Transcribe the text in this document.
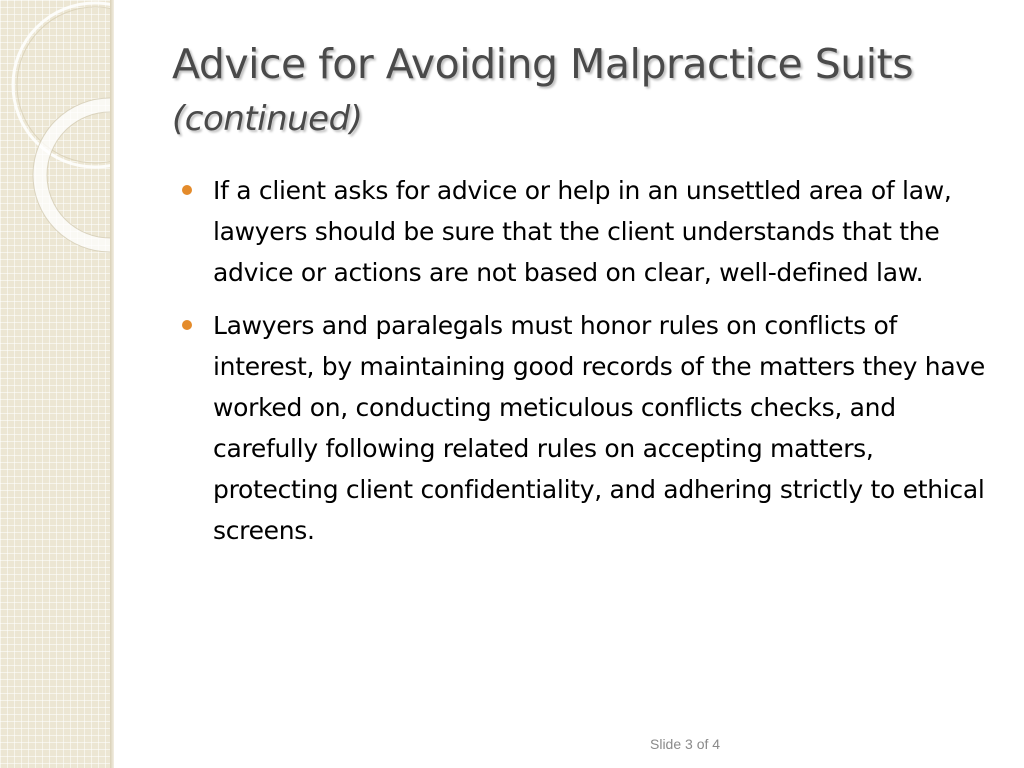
Advice for Avoiding Malpractice Suits (continued)
If a client asks for advice or help in an unsettled area of law, lawyers should be sure that the client understands that the advice or actions are not based on clear, well-defined law.
Lawyers and paralegals must honor rules on conflicts of interest, by maintaining good records of the matters they have worked on, conducting meticulous conflicts checks, and carefully following related rules on accepting matters, protecting client confidentiality, and adhering strictly to ethical screens.
Slide 3 of 4
